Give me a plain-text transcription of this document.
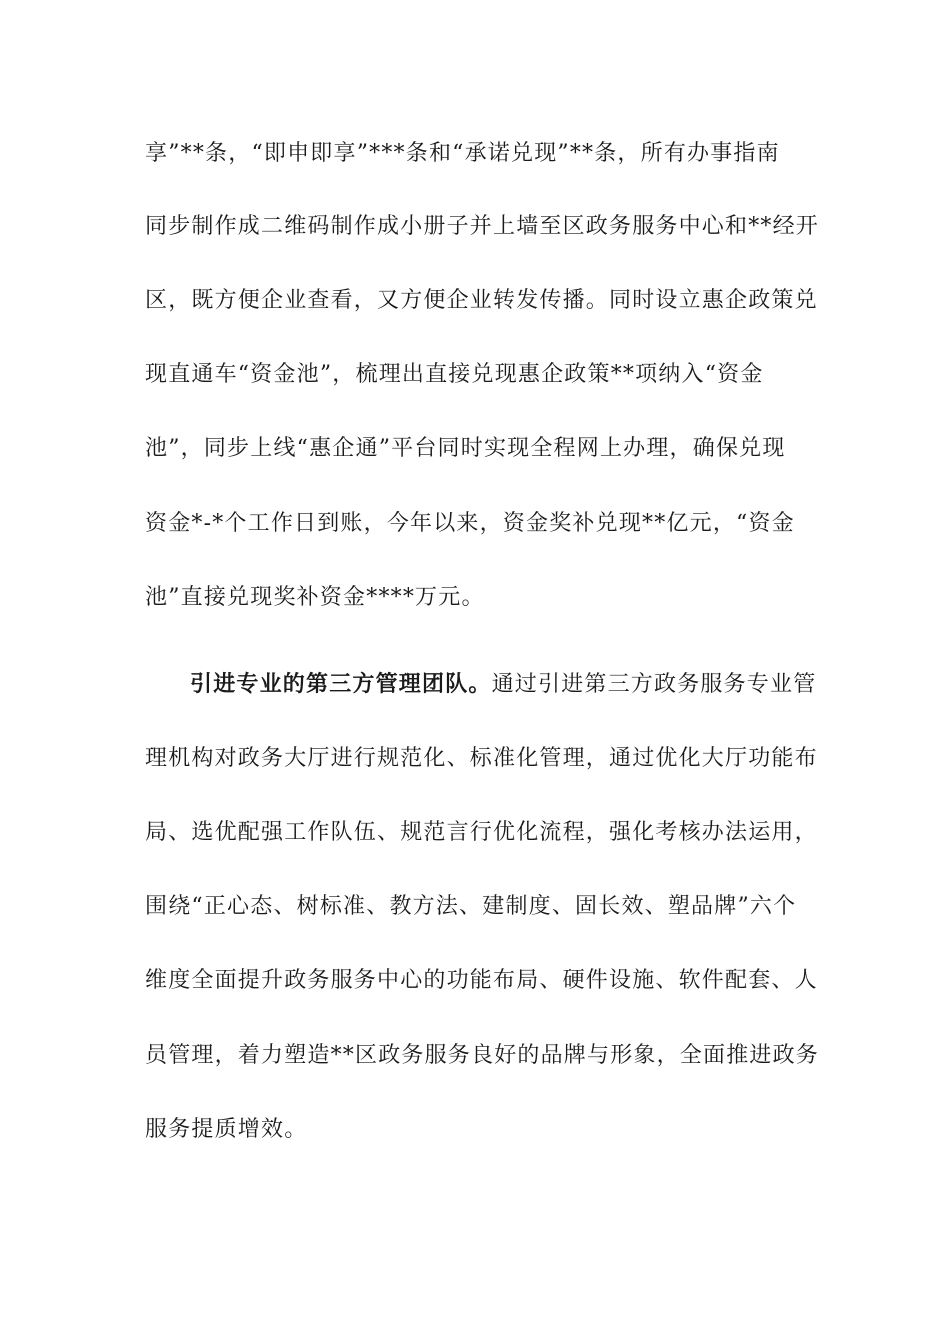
享”**条，“即申即享”***条和“承诺兑现”**条，所有办事指南
同步制作成二维码制作成小册子并上墙至区政务服务中心和**经开
区，既方便企业查看，又方便企业转发传播。同时设立惠企政策兑
现直通车“资金池”，梳理出直接兑现惠企政策**项纳入“资金
池”，同步上线“惠企通”平台同时实现全程网上办理，确保兑现
资金*-*个工作日到账，今年以来，资金奖补兑现**亿元，“资金
池”直接兑现奖补资金****万元。
引进专业的第三方管理团队。通过引进第三方政务服务专业管
理机构对政务大厅进行规范化、标准化管理，通过优化大厅功能布
局、选优配强工作队伍、规范言行优化流程，强化考核办法运用，
围绕“正心态、树标准、教方法、建制度、固长效、塑品牌”六个
维度全面提升政务服务中心的功能布局、硬件设施、软件配套、人
员管理，着力塑造**区政务服务良好的品牌与形象，全面推进政务
服务提质增效。
